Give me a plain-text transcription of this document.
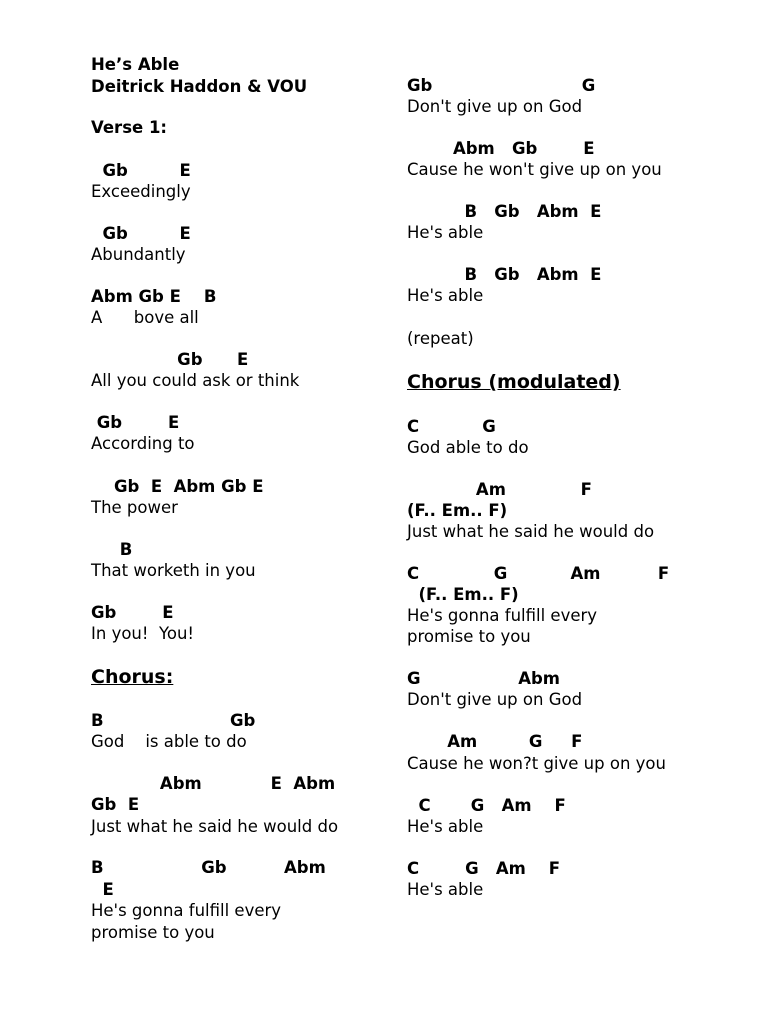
He’s Able
Deitrick Haddon & VOU
Verse 1:
Gb         E
Exceedingly
Gb         E
Abundantly
Abm Gb E    B
A      bove all
Gb      E
All you could ask or think
Gb        E
According to
Gb  E  Abm Gb E
The power
B
That worketh in you
Gb        E
In you!  You!
Chorus:
B                      Gb
God    is able to do
Abm            E  Abm
Gb  E
Just what he said he would do
B                 Gb          Abm
E
He's gonna fulfill every
promise to you
Gb                          G
Don't give up on God
Abm   Gb        E
Cause he won't give up on you
B   Gb   Abm  E
He's able
B   Gb   Abm  E
He's able
(repeat)
Chorus (modulated)
C           G
God able to do
Am             F
(F.. Em.. F)
Just what he said he would do
C             G           Am          F
(F.. Em.. F)
He's gonna fulfill every
promise to you
G                 Abm
Don't give up on God
Am         G     F
Cause he won?t give up on you
C       G   Am    F
He's able
C        G   Am    F
He's able
